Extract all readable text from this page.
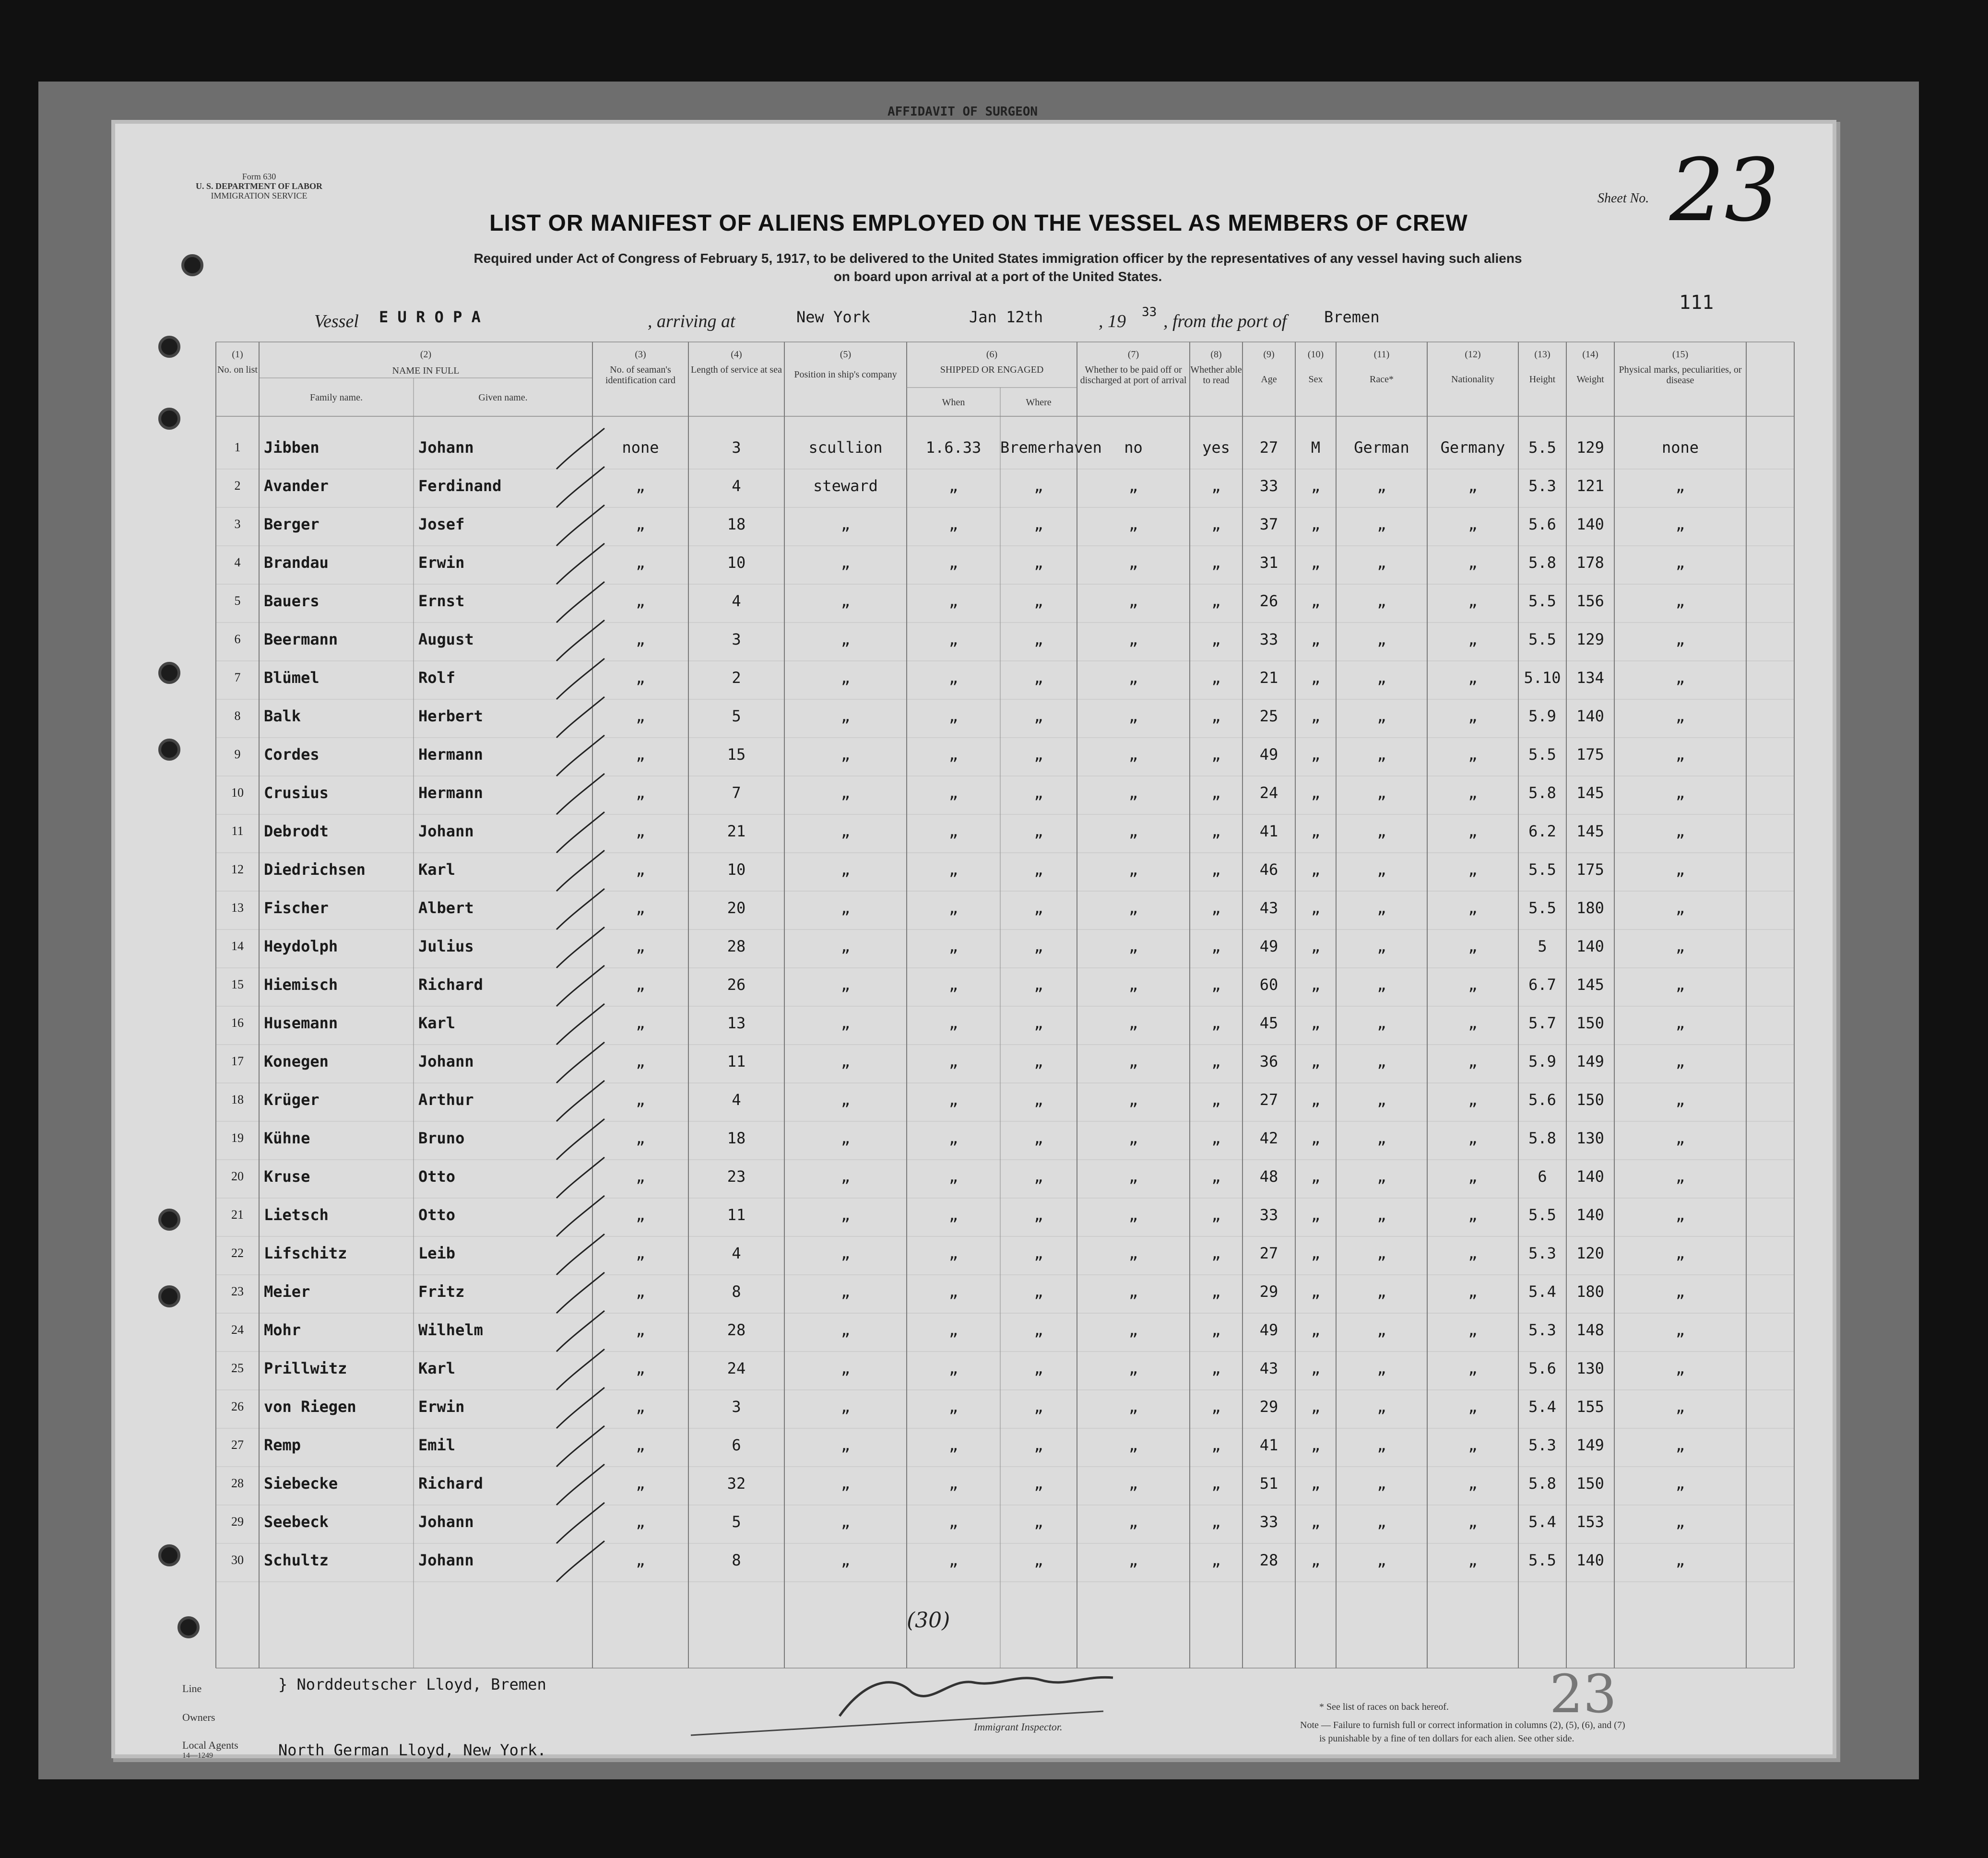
AFFIDAVIT OF SURGEON
Form 630
U. S. DEPARTMENT OF LABOR
IMMIGRATION SERVICE
LIST OR MANIFEST OF ALIENS EMPLOYED ON THE VESSEL AS MEMBERS OF CREW
Required under Act of Congress of February 5, 1917, to be delivered to the United States immigration officer by the representatives of any vessel having such aliens
on board upon arrival at a port of the United States.
Sheet No. 23
111
Vessel E U R O P A	, arriving at	New York	Jan 12th	, 19 33 , from the port of Bremen
(1)
No. on list
(2)
NAME IN FULL
Family name.	Given name.
(3)
No. of seaman's identification card
(4)
Length of service at sea
(5)
Position in ship's company
(6)
SHIPPED OR ENGAGED
When	Where
(7)
Whether to be paid off or discharged at port of arrival
(8)
Whether able to read
(9)
Age
(10)
Sex
(11)
Race*
(12)
Nationality
(13)
Height
(14)
Weight
(15)
Physical marks, peculiarities, or disease
1	Jibben	Johann	none	3	scullion	1.6.33	Bremerhaven	no	yes	27	M	German	Germany	5.5	129	none
2	Avander	Ferdinand	„	4	steward	„	„	„	„	33	„	„	„	5.3	121	„
3	Berger	Josef	„	18	„	„	„	„	„	37	„	„	„	5.6	140	„
4	Brandau	Erwin	„	10	„	„	„	„	„	31	„	„	„	5.8	178	„
5	Bauers	Ernst	„	4	„	„	„	„	„	26	„	„	„	5.5	156	„
6	Beermann	August	„	3	„	„	„	„	„	33	„	„	„	5.5	129	„
7	Blümel	Rolf	„	2	„	„	„	„	„	21	„	„	„	5.10	134	„
8	Balk	Herbert	„	5	„	„	„	„	„	25	„	„	„	5.9	140	„
9	Cordes	Hermann	„	15	„	„	„	„	„	49	„	„	„	5.5	175	„
10	Crusius	Hermann	„	7	„	„	„	„	„	24	„	„	„	5.8	145	„
11	Debrodt	Johann	„	21	„	„	„	„	„	41	„	„	„	6.2	145	„
12	Diedrichsen	Karl	„	10	„	„	„	„	„	46	„	„	„	5.5	175	„
13	Fischer	Albert	„	20	„	„	„	„	„	43	„	„	„	5.5	180	„
14	Heydolph	Julius	„	28	„	„	„	„	„	49	„	„	„	5	140	„
15	Hiemisch	Richard	„	26	„	„	„	„	„	60	„	„	„	6.7	145	„
16	Husemann	Karl	„	13	„	„	„	„	„	45	„	„	„	5.7	150	„
17	Konegen	Johann	„	11	„	„	„	„	„	36	„	„	„	5.9	149	„
18	Krüger	Arthur	„	4	„	„	„	„	„	27	„	„	„	5.6	150	„
19	Kühne	Bruno	„	18	„	„	„	„	„	42	„	„	„	5.8	130	„
20	Kruse	Otto	„	23	„	„	„	„	„	48	„	„	„	6	140	„
21	Lietsch	Otto	„	11	„	„	„	„	„	33	„	„	„	5.5	140	„
22	Lifschitz	Leib	„	4	„	„	„	„	„	27	„	„	„	5.3	120	„
23	Meier	Fritz	„	8	„	„	„	„	„	29	„	„	„	5.4	180	„
24	Mohr	Wilhelm	„	28	„	„	„	„	„	49	„	„	„	5.3	148	„
25	Prillwitz	Karl	„	24	„	„	„	„	„	43	„	„	„	5.6	130	„
26	von Riegen	Erwin	„	3	„	„	„	„	„	29	„	„	„	5.4	155	„
27	Remp	Emil	„	6	„	„	„	„	„	41	„	„	„	5.3	149	„
28	Siebecke	Richard	„	32	„	„	„	„	„	51	„	„	„	5.8	150	„
29	Seebeck	Johann	„	5	„	„	„	„	„	33	„	„	„	5.4	153	„
30	Schultz	Johann	„	8	„	„	„	„	„	28	„	„	„	5.5	140	„
(30)
Line	} Norddeutscher Lloyd, Bremen
Owners
Local Agents
14—1249	North German Lloyd, New York.
Immigrant Inspector.
* See list of races on back hereof.
Note — Failure to furnish full or correct information in columns (2), (5), (6), and (7)
is punishable by a fine of ten dollars for each alien. See other side.
23
